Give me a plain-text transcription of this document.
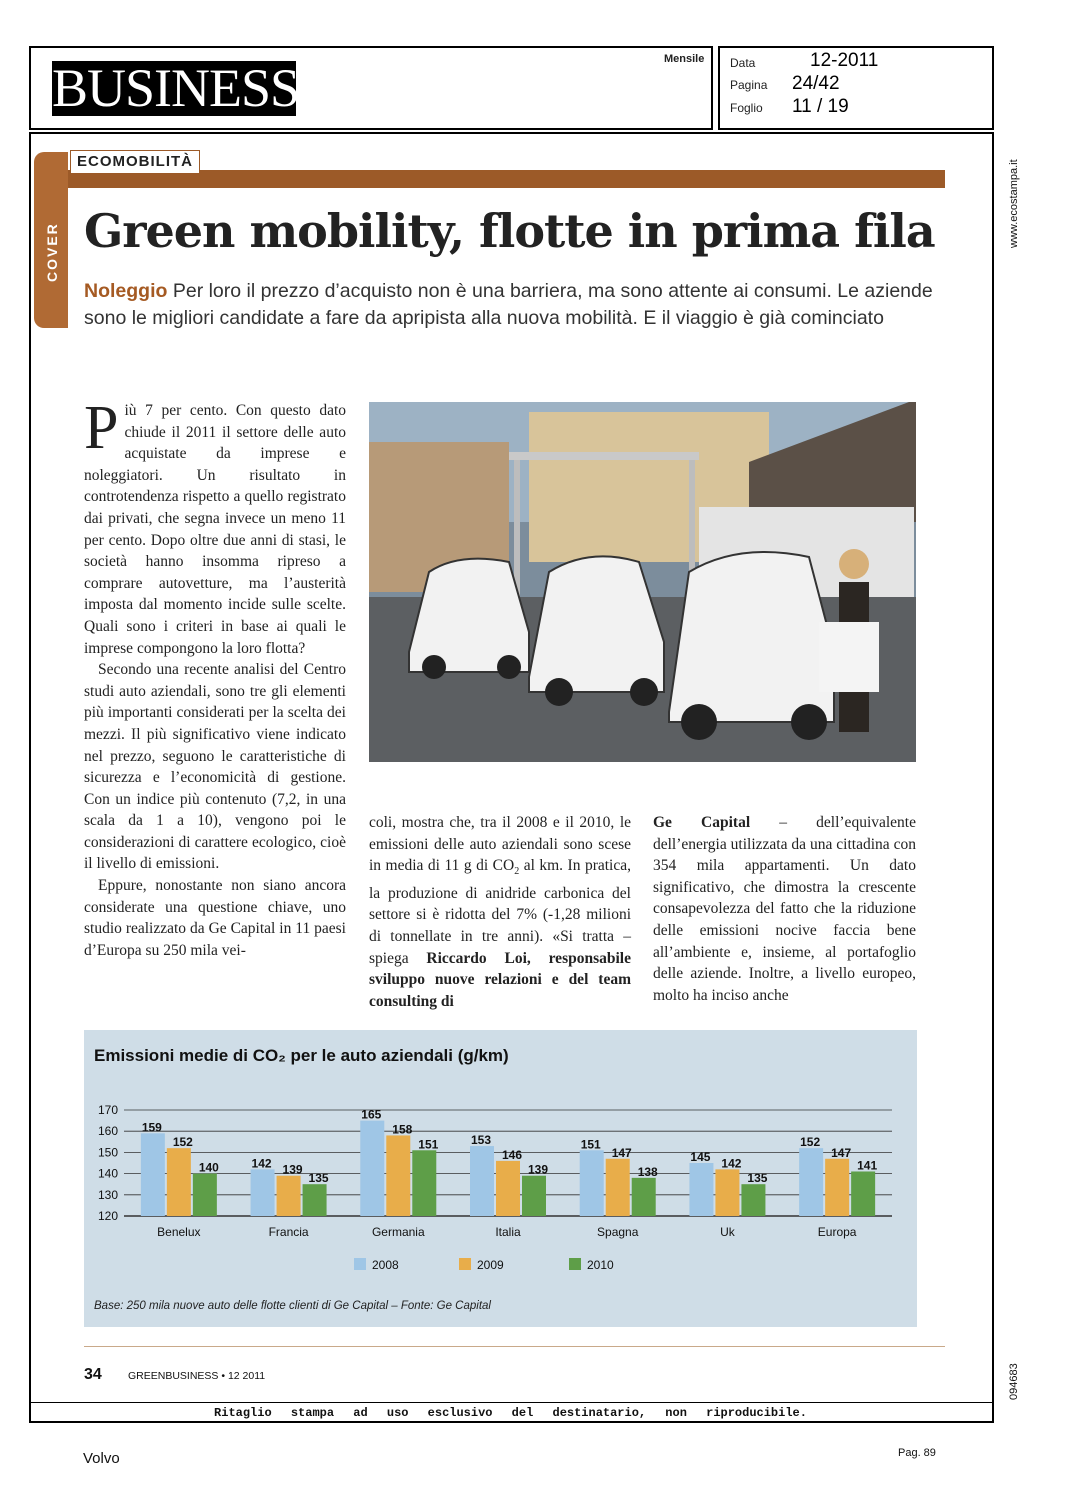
BUSINESS	Mensile Data	12-2011
Pagina 24/42
Foglio 11 / 19
www.ecostampa.it
094683
COVER
ECOMOBILITÀ
Green mobility, flotte in prima fila
Noleggio Per loro il prezzo d’acquisto non è una barriera, ma sono attente ai consumi. Le aziende sono le migliori candidate a fare da apripista alla nuova mobilità. E il viaggio è già cominciato

Più 7 per cento. Con questo dato chiude il 2011 il settore delle auto acquistate da imprese e noleggiatori. Un risultato in controtendenza rispetto a quello registrato dai privati, che segna invece un meno 11 per cento. Dopo oltre due anni di stasi, le società hanno insomma ripreso a comprare autovetture, ma l’austerità imposta dal momento incide sulle scelte. Quali sono i criteri in base ai quali le imprese compongono la loro flotta?

Secondo una recente analisi del Centro studi auto aziendali, sono tre gli elementi più importanti considerati per la scelta dei mezzi. Il più significativo viene indicato nel prezzo, seguono le caratteristiche di sicurezza e l’economicità di gestione. Con un indice più contenuto (7,2, in una scala da 1 a 10), vengono poi le considerazioni di carattere ecologico, cioè il livello di emissioni.

Eppure, nonostante non siano ancora considerate una questione chiave, uno studio realizzato da Ge Capital in 11 paesi d’Europa su 250 mila vei-

coli, mostra che, tra il 2008 e il 2010, le emissioni delle auto aziendali sono scese in media di 11 g di $CO_2$ al km. In pratica, la produzione di anidride carbonica del settore si è ridotta del 7% (-1,28 milioni di tonnellate in tre anni). «Si tratta – spiega Riccardo Loi, responsabile sviluppo nuove relazioni e del team consulting di

Ge Capital – dell’equivalente dell’energia utilizzata da una cittadina con 354 mila appartamenti. Un dato significativo, che dimostra la crescente consapevolezza del fatto che la riduzione delle emissioni nocive faccia bene all’ambiente e, insieme, al portafoglio delle aziende. Inoltre, a livello europeo, molto ha inciso anche

Emissioni medie di CO₂ per le auto aziendali (g/km)
170
160
150
140
130
120
159
152
140
Benelux
142 139
135
Francia
165
158
151
Germania
153
146
139
Italia
151
147
138
Spagna
145 142
135
Uk
152
147
141
Europa
2008	2009	2010
Base: 250 mila nuove auto delle flotte clienti di Ge Capital – Fonte: Ge Capital
34 GREENBUSINESS • 12 2011
Ritaglio stampa ad uso esclusivo del destinatario, non riproducibile.
Volvo	Pag. 89
